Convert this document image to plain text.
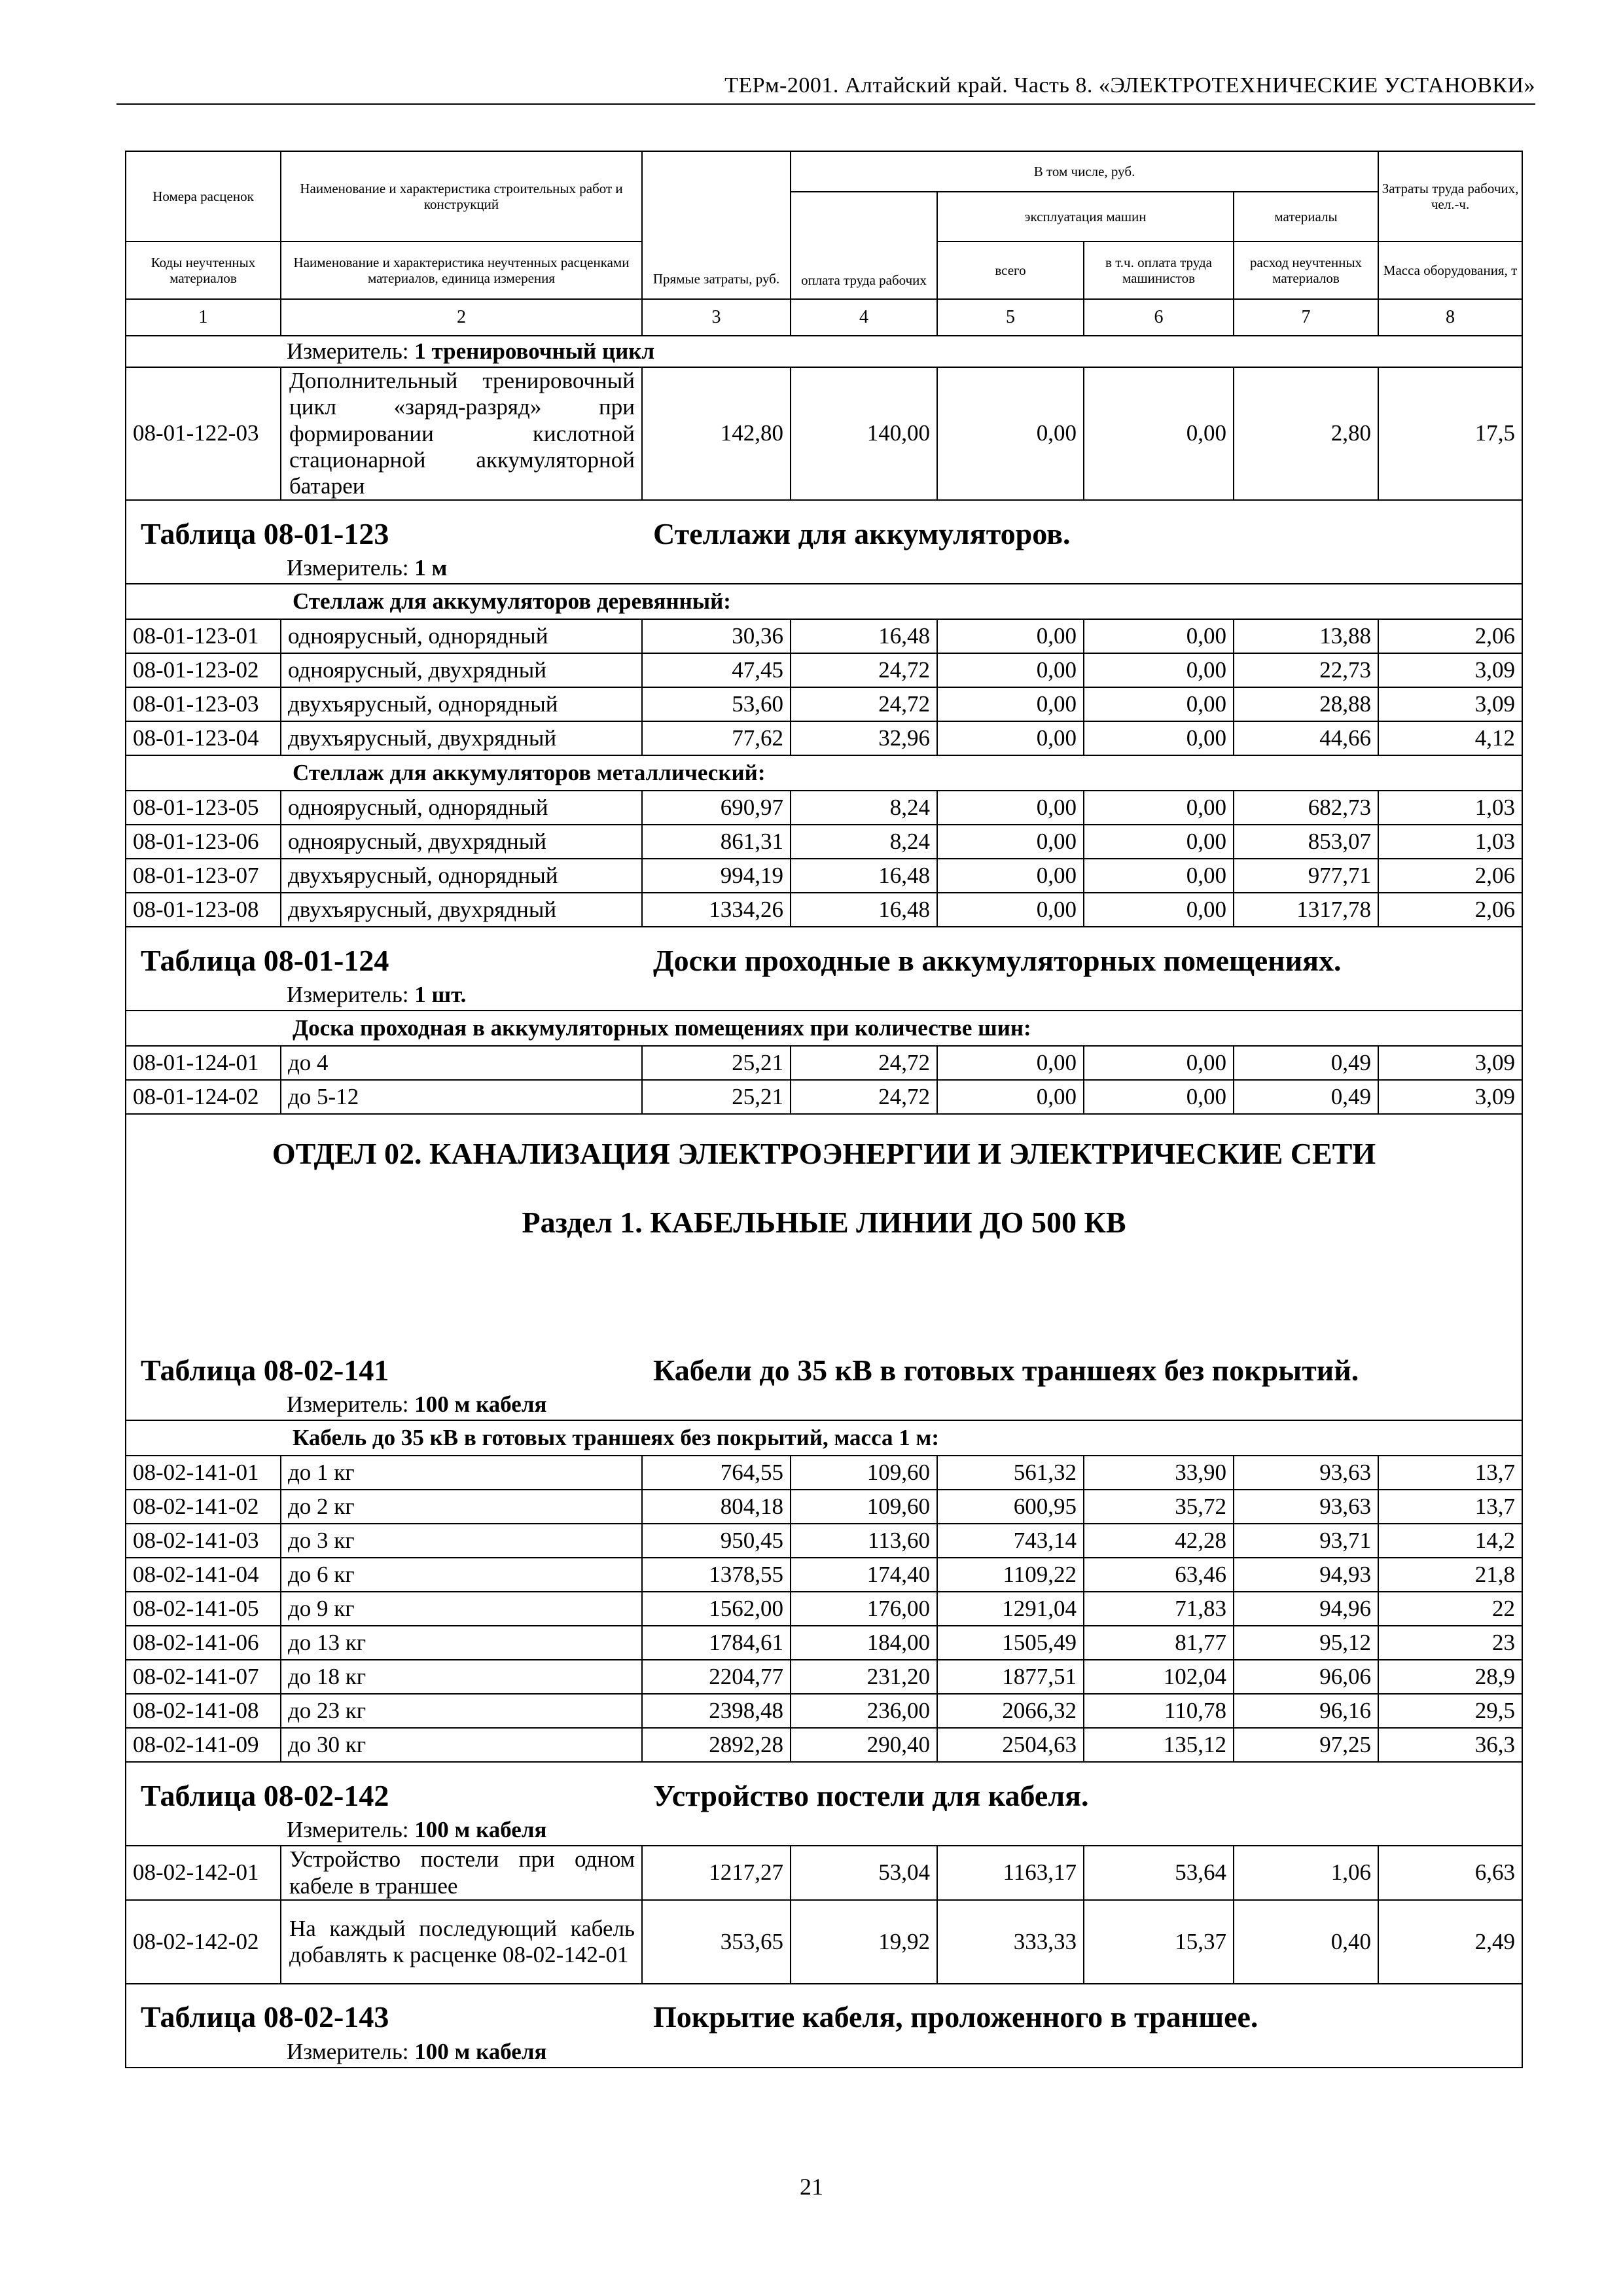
ТЕРм-2001. Алтайский край. Часть 8. «ЭЛЕКТРОТЕХНИЧЕСКИЕ УСТАНОВКИ»
Номера расценок	Наименование и характеристика строительных работ и конструкций	Прямые затраты, руб.	В том числе, руб.				Затраты труда рабочих, чел.-ч.
			оплата труда рабочих	эксплуатация машин		материалы	
Коды неучтенных материалов	Наименование и характеристика неучтенных расценками материалов, единица измерения			всего	в т.ч. оплата труда машинистов	расход неучтенных материалов	Масса оборудования, т
1	2	3	4	5	6	7	8

Измеритель: 1 тренировочный цикл							

08-01-122-03	Дополнительный тренировочный цикл «заряд-разряд» при формировании кислотной стационарной аккумуляторной батареи	142,80	140,00	0,00	0,00	2,80	17,5

Таблица 08-01-123 Стеллажи для аккумуляторов.							

Измеритель: 1 м							

	Стеллаж для аккумуляторов деревянный:						
08-01-123-01	одноярусный, однорядный	30,36	16,48	0,00	0,00	13,88	2,06
08-01-123-02	одноярусный, двухрядный	47,45	24,72	0,00	0,00	22,73	3,09
08-01-123-03	двухъярусный, однорядный	53,60	24,72	0,00	0,00	28,88	3,09
08-01-123-04	двухъярусный, двухрядный	77,62	32,96	0,00	0,00	44,66	4,12
	Стеллаж для аккумуляторов металлический:						
08-01-123-05	одноярусный, однорядный	690,97	8,24	0,00	0,00	682,73	1,03
08-01-123-06	одноярусный, двухрядный	861,31	8,24	0,00	0,00	853,07	1,03
08-01-123-07	двухъярусный, однорядный	994,19	16,48	0,00	0,00	977,71	2,06
08-01-123-08	двухъярусный, двухрядный	1334,26	16,48	0,00	0,00	1317,78	2,06

Таблица 08-01-124 Доски проходные в аккумуляторных помещениях.							

Измеритель: 1 шт.							

	Доска проходная в аккумуляторных помещениях при количестве шин:						
08-01-124-01	до 4	25,21	24,72	0,00	0,00	0,49	3,09
08-01-124-02	до 5-12	25,21	24,72	0,00	0,00	0,49	3,09
ОТДЕЛ 02. КАНАЛИЗАЦИЯ ЭЛЕКТРОЭНЕРГИИ И ЭЛЕКТРИЧЕСКИЕ СЕТИ							
Раздел 1. КАБЕЛЬНЫЕ ЛИНИИ ДО 500 КВ							

Таблица 08-02-141 Кабели до 35 кВ в готовых траншеях без покрытий.							

Измеритель: 100 м кабеля							

	Кабель до 35 кВ в готовых траншеях без покрытий, масса 1 м:						
08-02-141-01	до 1 кг	764,55	109,60	561,32	33,90	93,63	13,7
08-02-141-02	до 2 кг	804,18	109,60	600,95	35,72	93,63	13,7
08-02-141-03	до 3 кг	950,45	113,60	743,14	42,28	93,71	14,2
08-02-141-04	до 6 кг	1378,55	174,40	1109,22	63,46	94,93	21,8
08-02-141-05	до 9 кг	1562,00	176,00	1291,04	71,83	94,96	22
08-02-141-06	до 13 кг	1784,61	184,00	1505,49	81,77	95,12	23
08-02-141-07	до 18 кг	2204,77	231,20	1877,51	102,04	96,06	28,9
08-02-141-08	до 23 кг	2398,48	236,00	2066,32	110,78	96,16	29,5
08-02-141-09	до 30 кг	2892,28	290,40	2504,63	135,12	97,25	36,3

Таблица 08-02-142 Устройство постели для кабеля.							

Измеритель: 100 м кабеля							

08-02-142-01	Устройство постели при одном кабеле в траншее	1217,27	53,04	1163,17	53,64	1,06	6,63
08-02-142-02	На каждый последующий кабель добавлять к расценке 08-02-142-01	353,65	19,92	333,33	15,37	0,40	2,49

Таблица 08-02-143 Покрытие кабеля, проложенного в траншее.							

Измеритель: 100 м кабеля							
21
